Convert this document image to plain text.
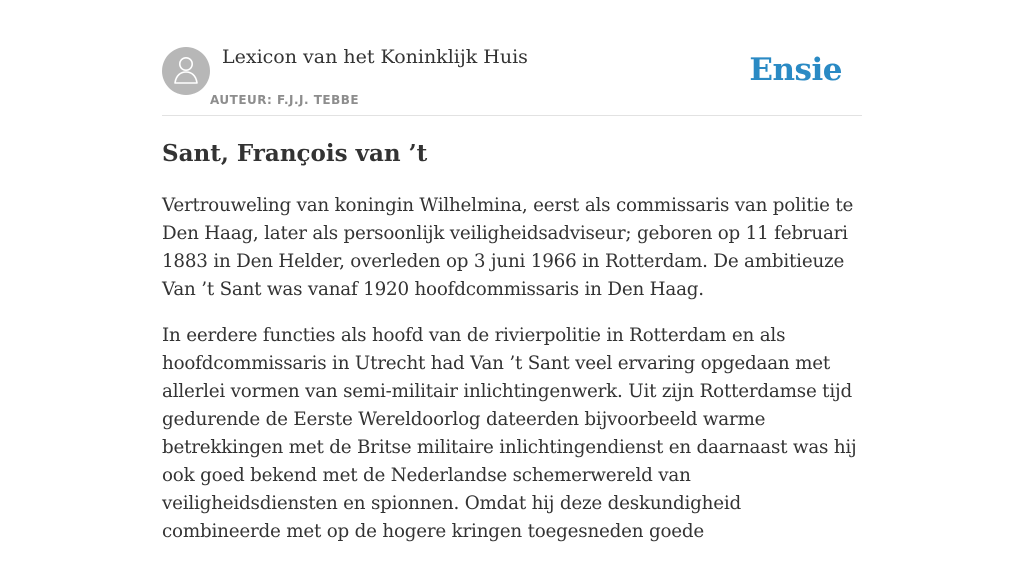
Lexicon van het Koninklijk Huis
AUTEUR: F.J.J. TEBBE
Ensie
Sant, François van ’t

Vertrouweling van koningin Wilhelmina, eerst als commissaris van politie te Den Haag, later als persoonlijk veiligheidsadviseur; geboren op 11 februari 1883 in Den Helder, overleden op 3 juni 1966 in Rotterdam. De ambitieuze Van ’t Sant was vanaf 1920 hoofdcommissaris in Den Haag.

In eerdere functies als hoofd van de rivierpolitie in Rotterdam en als hoofdcommissaris in Utrecht had Van ’t Sant veel ervaring opgedaan met allerlei vormen van semi-militair inlichtingenwerk. Uit zijn Rotterdamse tijd gedurende de Eerste Wereldoorlog dateerden bijvoorbeeld warme betrekkingen met de Britse militaire inlichtingendienst en daarnaast was hij ook goed bekend met de Nederlandse schemerwereld van veiligheidsdiensten en spionnen. Omdat hij deze deskundigheid combineerde met op de hogere kringen toegesneden goede
